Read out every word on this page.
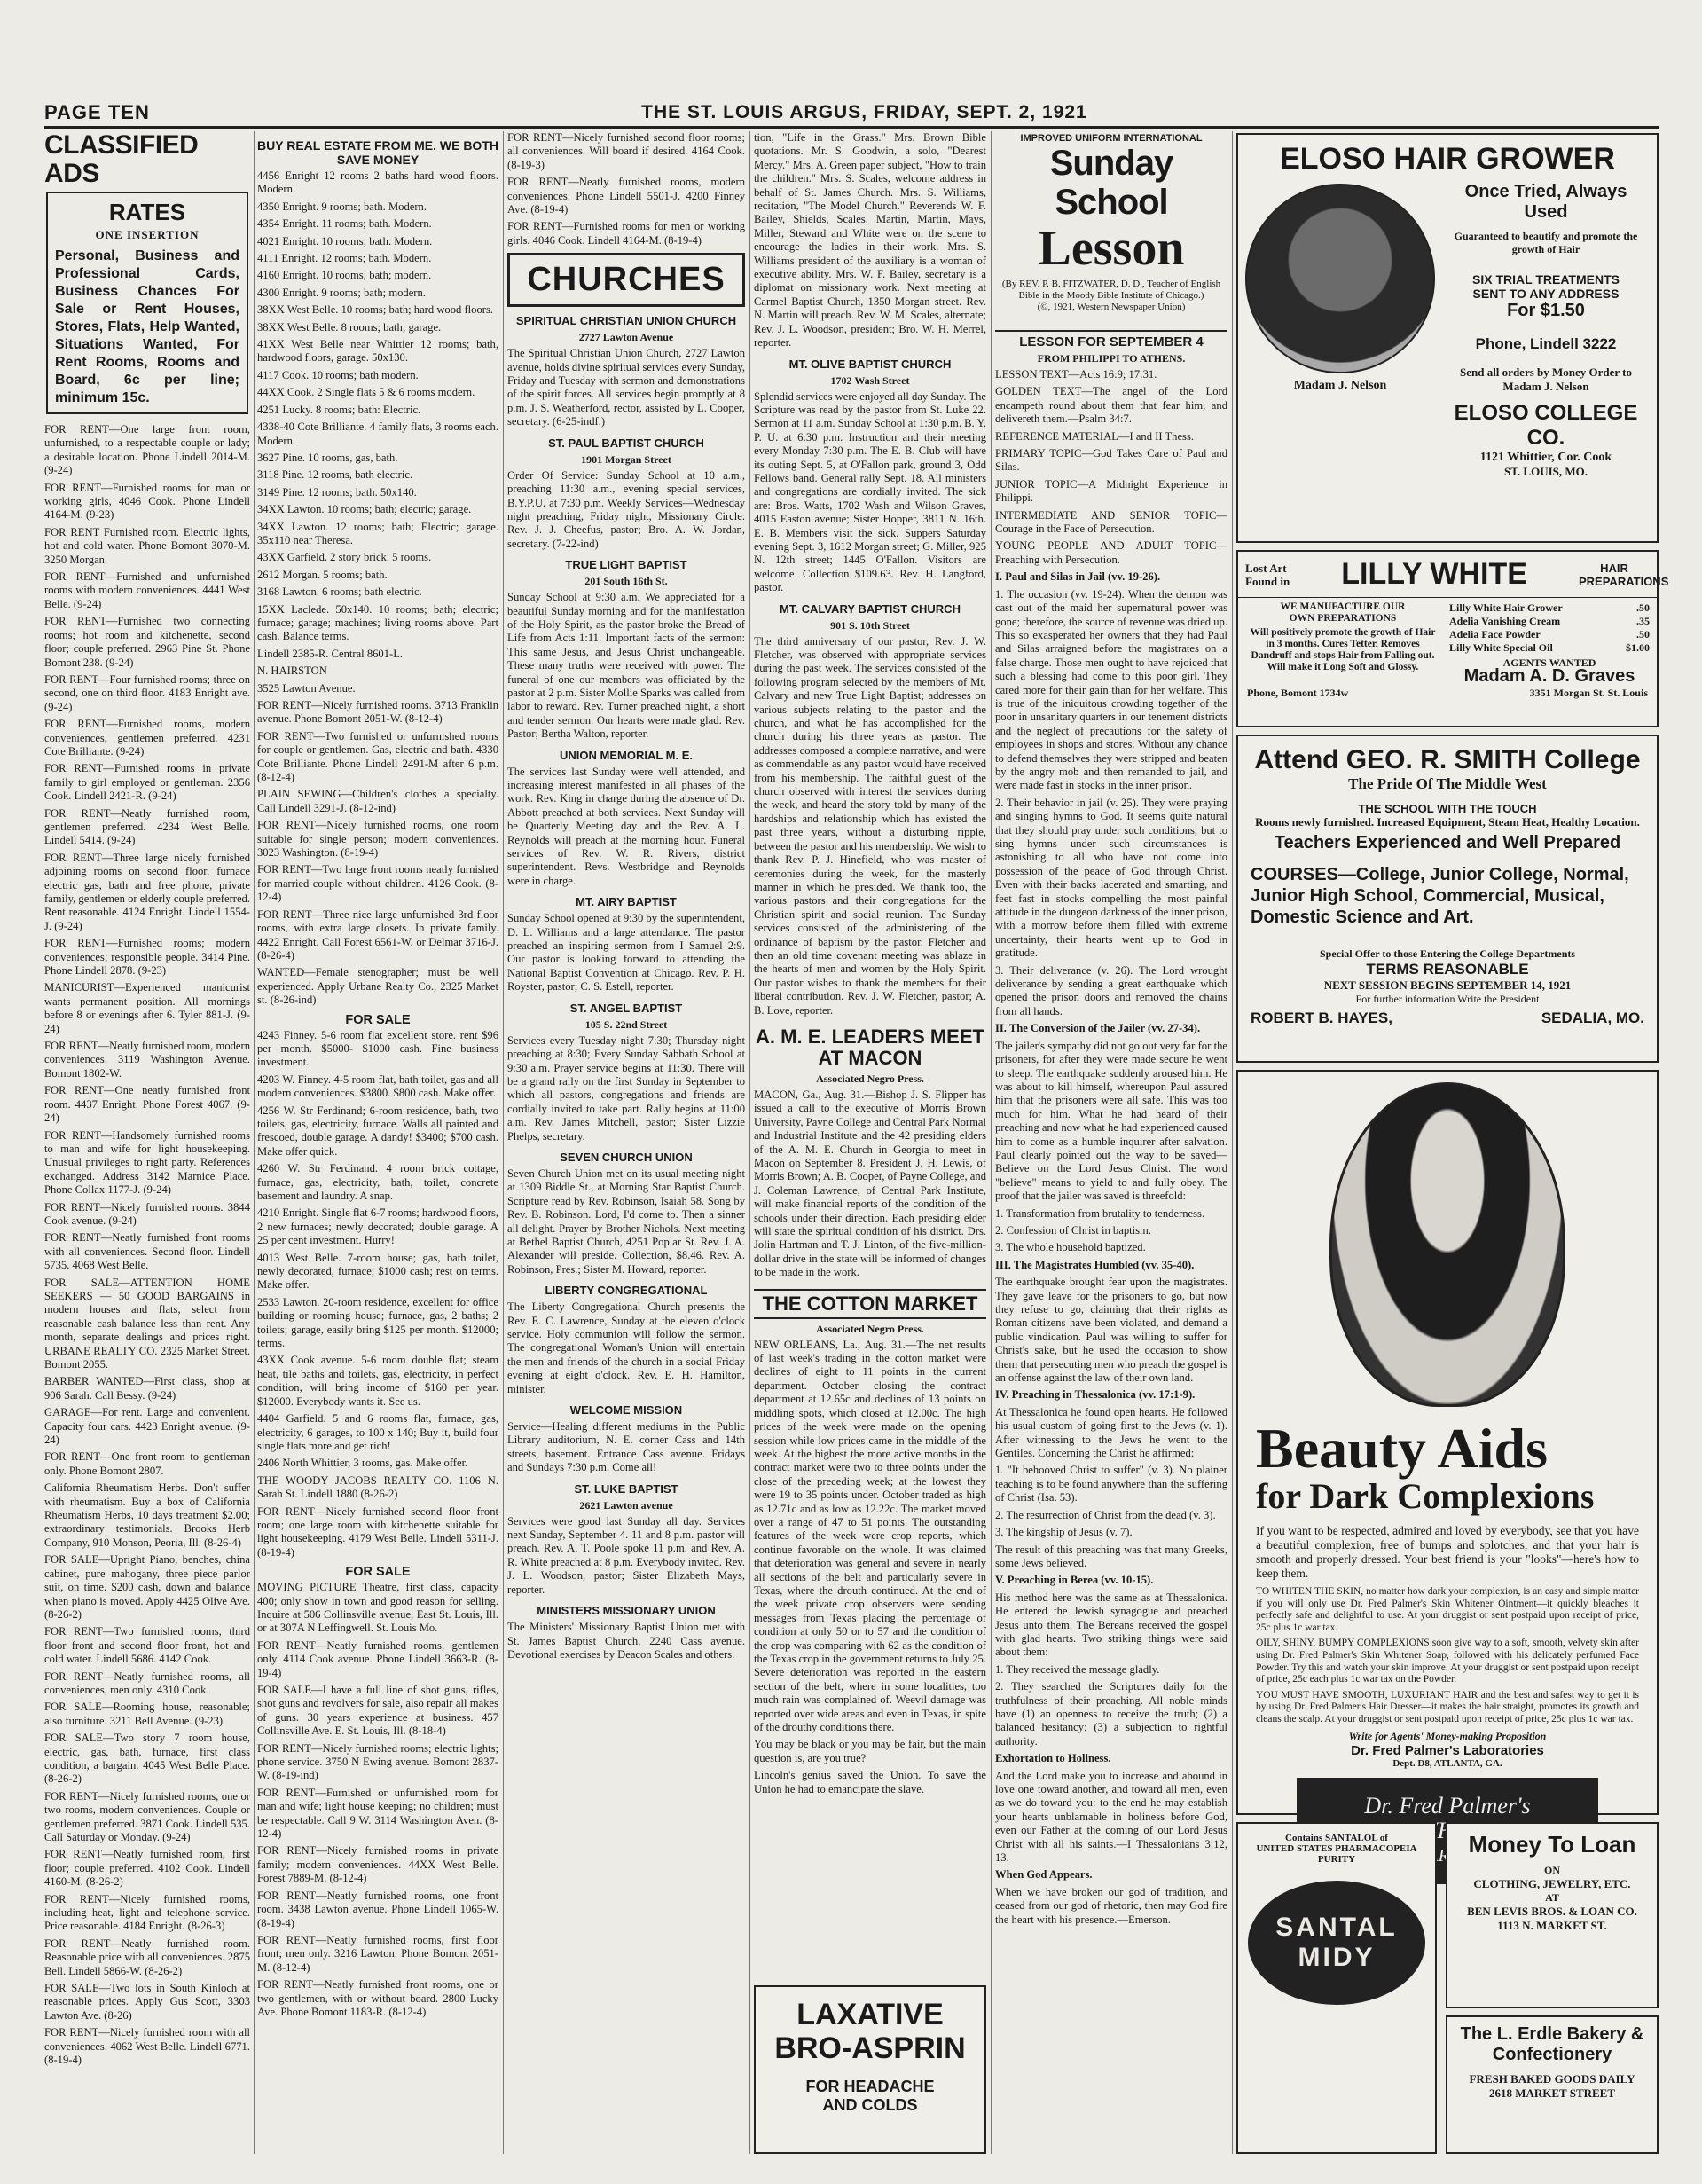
PAGE TEN	THE ST. LOUIS ARGUS, FRIDAY, SEPT. 2, 1921
CLASSIFIED ADS
RATES
ONE INSERTION

Personal, Business and Professional Cards, Business Chances For Sale or Rent Houses, Stores, Flats, Help Wanted, Situations Wanted, For Rent Rooms, Rooms and Board, 6c per line; minimum 15c.

FOR RENT—One large front room, unfurnished, to a respectable couple or lady; a desirable location. Phone Lindell 2014-M. (9-24)

FOR RENT—Furnished rooms for man or working girls, 4046 Cook. Phone Lindell 4164-M. (9-23)

FOR RENT Furnished room. Electric lights, hot and cold water. Phone Bomont 3070-M. 3250 Morgan.

FOR RENT—Furnished and unfurnished rooms with modern conveniences. 4441 West Belle. (9-24)

FOR RENT—Furnished two connecting rooms; hot room and kitchenette, second floor; couple preferred. 2963 Pine St. Phone Bomont 238. (9-24)

FOR RENT—Four furnished rooms; three on second, one on third floor. 4183 Enright ave. (9-24)

FOR RENT—Furnished rooms, modern conveniences, gentlemen preferred. 4231 Cote Brilliante. (9-24)

FOR RENT—Furnished rooms in private family to girl employed or gentleman. 2356 Cook. Lindell 2421-R. (9-24)

FOR RENT—Neatly furnished room, gentlemen preferred. 4234 West Belle. Lindell 5414. (9-24)

FOR RENT—Three large nicely furnished adjoining rooms on second floor, furnace electric gas, bath and free phone, private family, gentlemen or elderly couple preferred. Rent reasonable. 4124 Enright. Lindell 1554-J. (9-24)

FOR RENT—Furnished rooms; modern conveniences; responsible people. 3414 Pine. Phone Lindell 2878. (9-23)

MANICURIST—Experienced manicurist wants permanent position. All mornings before 8 or evenings after 6. Tyler 881-J. (9-24)

FOR RENT—Neatly furnished room, modern conveniences. 3119 Washington Avenue. Bomont 1802-W.

FOR RENT—One neatly furnished front room. 4437 Enright. Phone Forest 4067. (9-24)

FOR RENT—Handsomely furnished rooms to man and wife for light housekeeping. Unusual privileges to right party. References exchanged. Address 3142 Marnice Place. Phone Collax 1177-J. (9-24)

FOR RENT—Nicely furnished rooms. 3844 Cook avenue. (9-24)

FOR RENT—Neatly furnished front rooms with all conveniences. Second floor. Lindell 5735. 4068 West Belle.

FOR SALE—ATTENTION HOME SEEKERS — 50 GOOD BARGAINS in modern houses and flats, select from reasonable cash balance less than rent. Any month, separate dealings and prices right. URBANE REALTY CO. 2325 Market Street. Bomont 2055.

BARBER WANTED—First class, shop at 906 Sarah. Call Bessy. (9-24)

GARAGE—For rent. Large and convenient. Capacity four cars. 4423 Enright avenue. (9-24)

FOR RENT—One front room to gentleman only. Phone Bomont 2807.

California Rheumatism Herbs. Don't suffer with rheumatism. Buy a box of California Rheumatism Herbs, 10 days treatment $2.00; extraordinary testimonials. Brooks Herb Company, 910 Monson, Peoria, Ill. (8-26-4)

FOR SALE—Upright Piano, benches, china cabinet, pure mahogany, three piece parlor suit, on time. $200 cash, down and balance when piano is moved. Apply 4425 Olive Ave. (8-26-2)

FOR RENT—Two furnished rooms, third floor front and second floor front, hot and cold water. Lindell 5686. 4142 Cook.

FOR RENT—Neatly furnished rooms, all conveniences, men only. 4310 Cook.

FOR SALE—Rooming house, reasonable; also furniture. 3211 Bell Avenue. (9-23)

FOR SALE—Two story 7 room house, electric, gas, bath, furnace, first class condition, a bargain. 4045 West Belle Place. (8-26-2)

FOR RENT—Nicely furnished rooms, one or two rooms, modern conveniences. Couple or gentlemen preferred. 3871 Cook. Lindell 535. Call Saturday or Monday. (9-24)

FOR RENT—Neatly furnished room, first floor; couple preferred. 4102 Cook. Lindell 4160-M. (8-26-2)

FOR RENT—Nicely furnished rooms, including heat, light and telephone service. Price reasonable. 4184 Enright. (8-26-3)

FOR RENT—Neatly furnished room. Reasonable price with all conveniences. 2875 Bell. Lindell 5866-W. (8-26-2)

FOR SALE—Two lots in South Kinloch at reasonable prices. Apply Gus Scott, 3303 Lawton Ave. (8-26)

FOR RENT—Nicely furnished room with all conveniences. 4062 West Belle. Lindell 6771. (8-19-4)

BUY REAL ESTATE FROM ME. WE BOTH SAVE MONEY

4456 Enright 12 rooms 2 baths hard wood floors. Modern

4350 Enright. 9 rooms; bath. Modern.

4354 Enright. 11 rooms; bath. Modern.

4021 Enright. 10 rooms; bath. Modern.

4111 Enright. 12 rooms; bath. Modern.

4160 Enright. 10 rooms; bath; modern.

4300 Enright. 9 rooms; bath; modern.

38XX West Belle. 10 rooms; bath; hard wood floors.

38XX West Belle. 8 rooms; bath; garage.

41XX West Belle near Whittier 12 rooms; bath, hardwood floors, garage. 50x130.

4117 Cook. 10 rooms; bath modern.

44XX Cook. 2 Single flats 5 & 6 rooms modern.

4251 Lucky. 8 rooms; bath: Electric.

4338-40 Cote Brilliante. 4 family flats, 3 rooms each. Modern.

3627 Pine. 10 rooms, gas, bath.

3118 Pine. 12 rooms, bath electric.

3149 Pine. 12 rooms; bath. 50x140.

34XX Lawton. 10 rooms; bath; electric; garage.

34XX Lawton. 12 rooms; bath; Electric; garage. 35x110 near Theresa.

43XX Garfield. 2 story brick. 5 rooms.

2612 Morgan. 5 rooms; bath.

3168 Lawton. 6 rooms; bath electric.

15XX Laclede. 50x140. 10 rooms; bath; electric; furnace; garage; machines; living rooms above. Part cash. Balance terms.

Lindell 2385-R. Central 8601-L.

N. HAIRSTON

3525 Lawton Avenue.

FOR RENT—Nicely furnished rooms. 3713 Franklin avenue. Phone Bomont 2051-W. (8-12-4)

FOR RENT—Two furnished or unfurnished rooms for couple or gentlemen. Gas, electric and bath. 4330 Cote Brilliante. Phone Lindell 2491-M after 6 p.m. (8-12-4)

PLAIN SEWING—Children's clothes a specialty. Call Lindell 3291-J. (8-12-ind)

FOR RENT—Nicely furnished rooms, one room suitable for single person; modern conveniences. 3023 Washington. (8-19-4)

FOR RENT—Two large front rooms neatly furnished for married couple without children. 4126 Cook. (8-12-4)

FOR RENT—Three nice large unfurnished 3rd floor rooms, with extra large closets. In private family. 4422 Enright. Call Forest 6561-W, or Delmar 3716-J. (8-26-4)

WANTED—Female stenographer; must be well experienced. Apply Urbane Realty Co., 2325 Market st. (8-26-ind)

FOR SALE

4243 Finney. 5-6 room flat excellent store. rent $96 per month. $5000- $1000 cash. Fine business investment.

4203 W. Finney. 4-5 room flat, bath toilet, gas and all modern conveniences. $3800. $800 cash. Make offer.

4256 W. Str Ferdinand; 6-room residence, bath, two toilets, gas, electricity, furnace. Walls all painted and frescoed, double garage. A dandy! $3400; $700 cash. Make offer quick.

4260 W. Str Ferdinand. 4 room brick cottage, furnace, gas, electricity, bath, toilet, concrete basement and laundry. A snap.

4210 Enright. Single flat 6-7 rooms; hardwood floors, 2 new furnaces; newly decorated; double garage. A 25 per cent investment. Hurry!

4013 West Belle. 7-room house; gas, bath toilet, newly decorated, furnace; $1000 cash; rest on terms. Make offer.

2533 Lawton. 20-room residence, excellent for office building or rooming house; furnace, gas, 2 baths; 2 toilets; garage, easily bring $125 per month. $12000; terms.

43XX Cook avenue. 5-6 room double flat; steam heat, tile baths and toilets, gas, electricity, in perfect condition, will bring income of $160 per year. $12000. Everybody wants it. See us.

4404 Garfield. 5 and 6 rooms flat, furnace, gas, electricity, 6 garages, to 100 x 140; Buy it, build four single flats more and get rich!

2406 North Whittier, 3 rooms, gas. Make offer.

THE WOODY JACOBS REALTY CO. 1106 N. Sarah St. Lindell 1880 (8-26-2)

FOR RENT—Nicely furnished second floor front room; one large room with kitchenette suitable for light housekeeping. 4179 West Belle. Lindell 5311-J. (8-19-4)

FOR SALE

MOVING PICTURE Theatre, first class, capacity 400; only show in town and good reason for selling. Inquire at 506 Collinsville avenue, East St. Louis, Ill. or at 307A N Leffingwell. St. Louis Mo.

FOR RENT—Neatly furnished rooms, gentlemen only. 4114 Cook avenue. Phone Lindell 3663-R. (8-19-4)

FOR SALE—I have a full line of shot guns, rifles, shot guns and revolvers for sale, also repair all makes of guns. 30 years experience at business. 457 Collinsville Ave. E. St. Louis, Ill. (8-18-4)

FOR RENT—Nicely furnished rooms; electric lights; phone service. 3750 N Ewing avenue. Bomont 2837-W. (8-19-ind)

FOR RENT—Furnished or unfurnished room for man and wife; light house keeping; no children; must be respectable. Call 9 W. 3114 Washington Aven. (8-12-4)

FOR RENT—Nicely furnished rooms in private family; modern conveniences. 44XX West Belle. Forest 7889-M. (8-12-4)

FOR RENT—Neatly furnished rooms, one front room. 3438 Lawton avenue. Phone Lindell 1065-W. (8-19-4)

FOR RENT—Neatly furnished rooms, first floor front; men only. 3216 Lawton. Phone Bomont 2051-M. (8-12-4)

FOR RENT—Neatly furnished front rooms, one or two gentlemen, with or without board. 2800 Lucky Ave. Phone Bomont 1183-R. (8-12-4)

FOR RENT—Nicely furnished second floor rooms; all conveniences. Will board if desired. 4164 Cook. (8-19-3)

FOR RENT—Neatly furnished rooms, modern conveniences. Phone Lindell 5501-J. 4200 Finney Ave. (8-19-4)

FOR RENT—Furnished rooms for men or working girls. 4046 Cook. Lindell 4164-M. (8-19-4)

CHURCHES
SPIRITUAL CHRISTIAN UNION CHURCH
2727 Lawton Avenue

The Spiritual Christian Union Church, 2727 Lawton avenue, holds divine spiritual services every Sunday, Friday and Tuesday with sermon and demonstrations of the spirit forces. All services begin promptly at 8 p.m. J. S. Weatherford, rector, assisted by L. Cooper, secretary. (6-25-indf.)

ST. PAUL BAPTIST CHURCH
1901 Morgan Street

Order Of Service: Sunday School at 10 a.m., preaching 11:30 a.m., evening special services, B.Y.P.U. at 7:30 p.m. Weekly Services—Wednesday night preaching, Friday night, Missionary Circle. Rev. J. J. Cheefus, pastor; Bro. A. W. Jordan, secretary. (7-22-ind)

TRUE LIGHT BAPTIST
201 South 16th St.

Sunday School at 9:30 a.m. We appreciated for a beautiful Sunday morning and for the manifestation of the Holy Spirit, as the pastor broke the Bread of Life from Acts 1:11. Important facts of the sermon: This same Jesus, and Jesus Christ unchangeable. These many truths were received with power. The funeral of one our members was officiated by the pastor at 2 p.m. Sister Mollie Sparks was called from labor to reward. Rev. Turner preached night, a short and tender sermon. Our hearts were made glad. Rev. Pastor; Bertha Walton, reporter.

UNION MEMORIAL M. E.

The services last Sunday were well attended, and increasing interest manifested in all phases of the work. Rev. King in charge during the absence of Dr. Abbott preached at both services. Next Sunday will be Quarterly Meeting day and the Rev. A. L. Reynolds will preach at the morning hour. Funeral services of Rev. W. R. Rivers, district superintendent. Revs. Westbridge and Reynolds were in charge.

MT. AIRY BAPTIST

Sunday School opened at 9:30 by the superintendent, D. L. Williams and a large attendance. The pastor preached an inspiring sermon from I Samuel 2:9. Our pastor is looking forward to attending the National Baptist Convention at Chicago. Rev. P. H. Royster, pastor; C. S. Estell, reporter.

ST. ANGEL BAPTIST
105 S. 22nd Street

Services every Tuesday night 7:30; Thursday night preaching at 8:30; Every Sunday Sabbath School at 9:30 a.m. Prayer service begins at 11:30. There will be a grand rally on the first Sunday in September to which all pastors, congregations and friends are cordially invited to take part. Rally begins at 11:00 a.m. Rev. James Mitchell, pastor; Sister Lizzie Phelps, secretary.

SEVEN CHURCH UNION

Seven Church Union met on its usual meeting night at 1309 Biddle St., at Morning Star Baptist Church. Scripture read by Rev. Robinson, Isaiah 58. Song by Rev. B. Robinson. Lord, I'd come to. Then a sinner all delight. Prayer by Brother Nichols. Next meeting at Bethel Baptist Church, 4251 Poplar St. Rev. J. A. Alexander will preside. Collection, $8.46. Rev. A. Robinson, Pres.; Sister M. Howard, reporter.

LIBERTY CONGREGATIONAL

The Liberty Congregational Church presents the Rev. E. C. Lawrence, Sunday at the eleven o'clock service. Holy communion will follow the sermon. The congregational Woman's Union will entertain the men and friends of the church in a social Friday evening at eight o'clock. Rev. E. H. Hamilton, minister.

WELCOME MISSION

Service—Healing different mediums in the Public Library auditorium, N. E. corner Cass and 14th streets, basement. Entrance Cass avenue. Fridays and Sundays 7:30 p.m. Come all!

ST. LUKE BAPTIST
2621 Lawton avenue

Services were good last Sunday all day. Services next Sunday, September 4. 11 and 8 p.m. pastor will preach. Rev. A. T. Poole spoke 11 p.m. and Rev. A. R. White preached at 8 p.m. Everybody invited. Rev. J. L. Woodson, pastor; Sister Elizabeth Mays, reporter.

MINISTERS MISSIONARY UNION

The Ministers' Missionary Baptist Union met with St. James Baptist Church, 2240 Cass avenue. Devotional exercises by Deacon Scales and others.

tion, "Life in the Grass." Mrs. Brown Bible quotations. Mr. S. Goodwin, a solo, "Dearest Mercy." Mrs. A. Green paper subject, "How to train the children." Mrs. S. Scales, welcome address in behalf of St. James Church. Mrs. S. Williams, recitation, "The Model Church." Reverends W. F. Bailey, Shields, Scales, Martin, Martin, Mays, Miller, Steward and White were on the scene to encourage the ladies in their work. Mrs. S. Williams president of the auxiliary is a woman of executive ability. Mrs. W. F. Bailey, secretary is a diplomat on missionary work. Next meeting at Carmel Baptist Church, 1350 Morgan street. Rev. N. Martin will preach. Rev. W. M. Scales, alternate; Rev. J. L. Woodson, president; Bro. W. H. Merrel, reporter.

MT. OLIVE BAPTIST CHURCH
1702 Wash Street

Splendid services were enjoyed all day Sunday. The Scripture was read by the pastor from St. Luke 22. Sermon at 11 a.m. Sunday School at 1:30 p.m. B. Y. P. U. at 6:30 p.m. Instruction and their meeting every Monday 7:30 p.m. The E. B. Club will have its outing Sept. 5, at O'Fallon park, ground 3, Odd Fellows band. General rally Sept. 18. All ministers and congregations are cordially invited. The sick are: Bros. Watts, 1702 Wash and Wilson Graves, 4015 Easton avenue; Sister Hopper, 3811 N. 16th. E. B. Members visit the sick. Suppers Saturday evening Sept. 3, 1612 Morgan street; G. Miller, 925 N. 12th street; 1445 O'Fallon. Visitors are welcome. Collection $109.63. Rev. H. Langford, pastor.

MT. CALVARY BAPTIST CHURCH
901 S. 10th Street

The third anniversary of our pastor, Rev. J. W. Fletcher, was observed with appropriate services during the past week. The services consisted of the following program selected by the members of Mt. Calvary and new True Light Baptist; addresses on various subjects relating to the pastor and the church, and what he has accomplished for the church during his three years as pastor. The addresses composed a complete narrative, and were as commendable as any pastor would have received from his membership. The faithful guest of the church observed with interest the services during the week, and heard the story told by many of the hardships and relationship which has existed the past three years, without a disturbing ripple, between the pastor and his membership. We wish to thank Rev. P. J. Hinefield, who was master of ceremonies during the week, for the masterly manner in which he presided. We thank too, the various pastors and their congregations for the Christian spirit and social reunion. The Sunday services consisted of the administering of the ordinance of baptism by the pastor. Fletcher and then an old time covenant meeting was ablaze in the hearts of men and women by the Holy Spirit. Our pastor wishes to thank the members for their liberal contribution. Rev. J. W. Fletcher, pastor; A. B. Love, reporter.

A. M. E. LEADERS MEET AT MACON
Associated Negro Press.

MACON, Ga., Aug. 31.—Bishop J. S. Flipper has issued a call to the executive of Morris Brown University, Payne College and Central Park Normal and Industrial Institute and the 42 presiding elders of the A. M. E. Church in Georgia to meet in Macon on September 8. President J. H. Lewis, of Morris Brown; A. B. Cooper, of Payne College, and J. Coleman Lawrence, of Central Park Institute, will make financial reports of the condition of the schools under their direction. Each presiding elder will state the spiritual condition of his district. Drs. Jolin Hartman and T. J. Linton, of the five-million-dollar drive in the state will be informed of changes to be made in the work.

THE COTTON MARKET
Associated Negro Press.

NEW ORLEANS, La., Aug. 31.—The net results of last week's trading in the cotton market were declines of eight to 11 points in the current department. October closing the contract department at 12.65c and declines of 13 points on middling spots, which closed at 12.00c. The high prices of the week were made on the opening session while low prices came in the middle of the week. At the highest the more active months in the contract market were two to three points under the close of the preceding week; at the lowest they were 19 to 35 points under. October traded as high as 12.71c and as low as 12.22c. The market moved over a range of 47 to 51 points. The outstanding features of the week were crop reports, which continue favorable on the whole. It was claimed that deterioration was general and severe in nearly all sections of the belt and particularly severe in Texas, where the drouth continued. At the end of the week private crop observers were sending messages from Texas placing the percentage of condition at only 50 or to 57 and the condition of the crop was comparing with 62 as the condition of the Texas crop in the government returns to July 25. Severe deterioration was reported in the eastern section of the belt, where in some localities, too much rain was complained of. Weevil damage was reported over wide areas and even in Texas, in spite of the drouthy conditions there.

You may be black or you may be fair, but the main question is, are you true?

Lincoln's genius saved the Union. To save the Union he had to emancipate the slave.

LAXATIVE
BRO-ASPRIN
FOR HEADACHE
AND COLDS
IMPROVED UNIFORM INTERNATIONAL
Sunday School
Lesson
(By REV. P. B. FITZWATER, D. D., Teacher of English Bible in the Moody Bible Institute of Chicago.)
(©, 1921, Western Newspaper Union)
LESSON FOR SEPTEMBER 4
FROM PHILIPPI TO ATHENS.

LESSON TEXT—Acts 16:9; 17:31.

GOLDEN TEXT—The angel of the Lord encampeth round about them that fear him, and delivereth them.—Psalm 34:7.

REFERENCE MATERIAL—I and II Thess.

PRIMARY TOPIC—God Takes Care of Paul and Silas.

JUNIOR TOPIC—A Midnight Experience in Philippi.

INTERMEDIATE AND SENIOR TOPIC—Courage in the Face of Persecution.

YOUNG PEOPLE AND ADULT TOPIC—Preaching with Persecution.

I. Paul and Silas in Jail (vv. 19-26).

1. The occasion (vv. 19-24). When the demon was cast out of the maid her supernatural power was gone; therefore, the source of revenue was dried up. This so exasperated her owners that they had Paul and Silas arraigned before the magistrates on a false charge. Those men ought to have rejoiced that such a blessing had come to this poor girl. They cared more for their gain than for her welfare. This is true of the iniquitous crowding together of the poor in unsanitary quarters in our tenement districts and the neglect of precautions for the safety of employees in shops and stores. Without any chance to defend themselves they were stripped and beaten by the angry mob and then remanded to jail, and were made fast in stocks in the inner prison.

2. Their behavior in jail (v. 25). They were praying and singing hymns to God. It seems quite natural that they should pray under such conditions, but to sing hymns under such circumstances is astonishing to all who have not come into possession of the peace of God through Christ. Even with their backs lacerated and smarting, and feet fast in stocks compelling the most painful attitude in the dungeon darkness of the inner prison, with a morrow before them filled with extreme uncertainty, their hearts went up to God in gratitude.

3. Their deliverance (v. 26). The Lord wrought deliverance by sending a great earthquake which opened the prison doors and removed the chains from all hands.

II. The Conversion of the Jailer (vv. 27-34).

The jailer's sympathy did not go out very far for the prisoners, for after they were made secure he went to sleep. The earthquake suddenly aroused him. He was about to kill himself, whereupon Paul assured him that the prisoners were all safe. This was too much for him. What he had heard of their preaching and now what he had experienced caused him to come as a humble inquirer after salvation. Paul clearly pointed out the way to be saved—Believe on the Lord Jesus Christ. The word "believe" means to yield to and fully obey. The proof that the jailer was saved is threefold:

1. Transformation from brutality to tenderness.

2. Confession of Christ in baptism.

3. The whole household baptized.

III. The Magistrates Humbled (vv. 35-40).

The earthquake brought fear upon the magistrates. They gave leave for the prisoners to go, but now they refuse to go, claiming that their rights as Roman citizens have been violated, and demand a public vindication. Paul was willing to suffer for Christ's sake, but he used the occasion to show them that persecuting men who preach the gospel is an offense against the law of their own land.

IV. Preaching in Thessalonica (vv. 17:1-9).

At Thessalonica he found open hearts. He followed his usual custom of going first to the Jews (v. 1). After witnessing to the Jews he went to the Gentiles. Concerning the Christ he affirmed:

1. "It behooved Christ to suffer" (v. 3). No plainer teaching is to be found anywhere than the suffering of Christ (Isa. 53).

2. The resurrection of Christ from the dead (v. 3).

3. The kingship of Jesus (v. 7).

The result of this preaching was that many Greeks, some Jews believed.

V. Preaching in Berea (vv. 10-15).

His method here was the same as at Thessalonica. He entered the Jewish synagogue and preached Jesus unto them. The Bereans received the gospel with glad hearts. Two striking things were said about them:

1. They received the message gladly.

2. They searched the Scriptures daily for the truthfulness of their preaching. All noble minds have (1) an openness to receive the truth; (2) a balanced hesitancy; (3) a subjection to rightful authority.

Exhortation to Holiness.

And the Lord make you to increase and abound in love one toward another, and toward all men, even as we do toward you: to the end he may establish your hearts unblamable in holiness before God, even our Father at the coming of our Lord Jesus Christ with all his saints.—I Thessalonians 3:12, 13.

When God Appears.

When we have broken our god of tradition, and ceased from our god of rhetoric, then may God fire the heart with his presence.—Emerson.

ELOSO HAIR GROWER
Madam J. Nelson
Once Tried, Always Used
Guaranteed to beautify and promote the growth of Hair
SIX TRIAL TREATMENTS
SENT TO ANY ADDRESS
For $1.50
Phone, Lindell 3222
Send all orders by Money Order to Madam J. Nelson
ELOSO COLLEGE CO.
1121 Whittier, Cor. Cook
ST. LOUIS, MO.
Lost Art
Found in	LILLY WHITE	HAIR PREPARATIONS
WE MANUFACTURE OUR
OWN PREPARATIONS
Will positively promote the growth of Hair in 3 months. Cures Tetter, Removes Dandruff and stops Hair from Falling out. Will make it Long Soft and Glossy.
Lilly White Hair Grower	.50
Adelia Vanishing Cream	.35
Adelia Face Powder	.50
Lilly White Special Oil	$1.00
AGENTS WANTED
Madam A. D. Graves
Phone, Bomont 1734w	3351 Morgan St. St. Louis
Attend GEO. R. SMITH College
The Pride Of The Middle West
THE SCHOOL WITH THE TOUCH
Rooms newly furnished. Increased Equipment, Steam Heat, Healthy Location.
Teachers Experienced and Well Prepared
COURSES—College, Junior College, Normal, Junior High School, Commercial, Musical, Domestic Science and Art.
Special Offer to those Entering the College Departments
TERMS REASONABLE
NEXT SESSION BEGINS SEPTEMBER 14, 1921
For further information Write the President
ROBERT B. HAYES,	SEDALIA, MO.
Beauty Aids
for Dark Complexions

If you want to be respected, admired and loved by everybody, see that you have a beautiful complexion, free of bumps and splotches, and that your hair is smooth and properly dressed. Your best friend is your "looks"—here's how to keep them.

TO WHITEN THE SKIN, no matter how dark your complexion, is an easy and simple matter if you will only use Dr. Fred Palmer's Skin Whitener Ointment—it quickly bleaches it perfectly safe and delightful to use. At your druggist or sent postpaid upon receipt of price, 25c plus 1c war tax.

OILY, SHINY, BUMPY COMPLEXIONS soon give way to a soft, smooth, velvety skin after using Dr. Fred Palmer's Skin Whitener Soap, followed with his delicately perfumed Face Powder. Try this and watch your skin improve. At your druggist or sent postpaid upon receipt of price, 25c each plus 1c war tax on the Powder.

YOU MUST HAVE SMOOTH, LUXURIANT HAIR and the best and safest way to get it is by using Dr. Fred Palmer's Hair Dresser—it makes the hair straight, promotes its growth and cleans the scalp. At your druggist or sent postpaid upon receipt of price, 25c plus 1c war tax.

Write for Agents' Money-making Proposition
Dr. Fred Palmer's Laboratories
Dept. D8, ATLANTA, GA.
Dr. Fred Palmer's
Contains SANTALOL of
UNITED STATES PHARMACOPEIA
PURITY
SANTAL
MIDY
Money To Loan
ON
CLOTHING, JEWELRY, ETC.
AT
BEN LEVIS BROS. & LOAN CO.
1113 N. MARKET ST.
The L. Erdle Bakery & Confectionery
FRESH BAKED GOODS DAILY
2618 MARKET STREET
